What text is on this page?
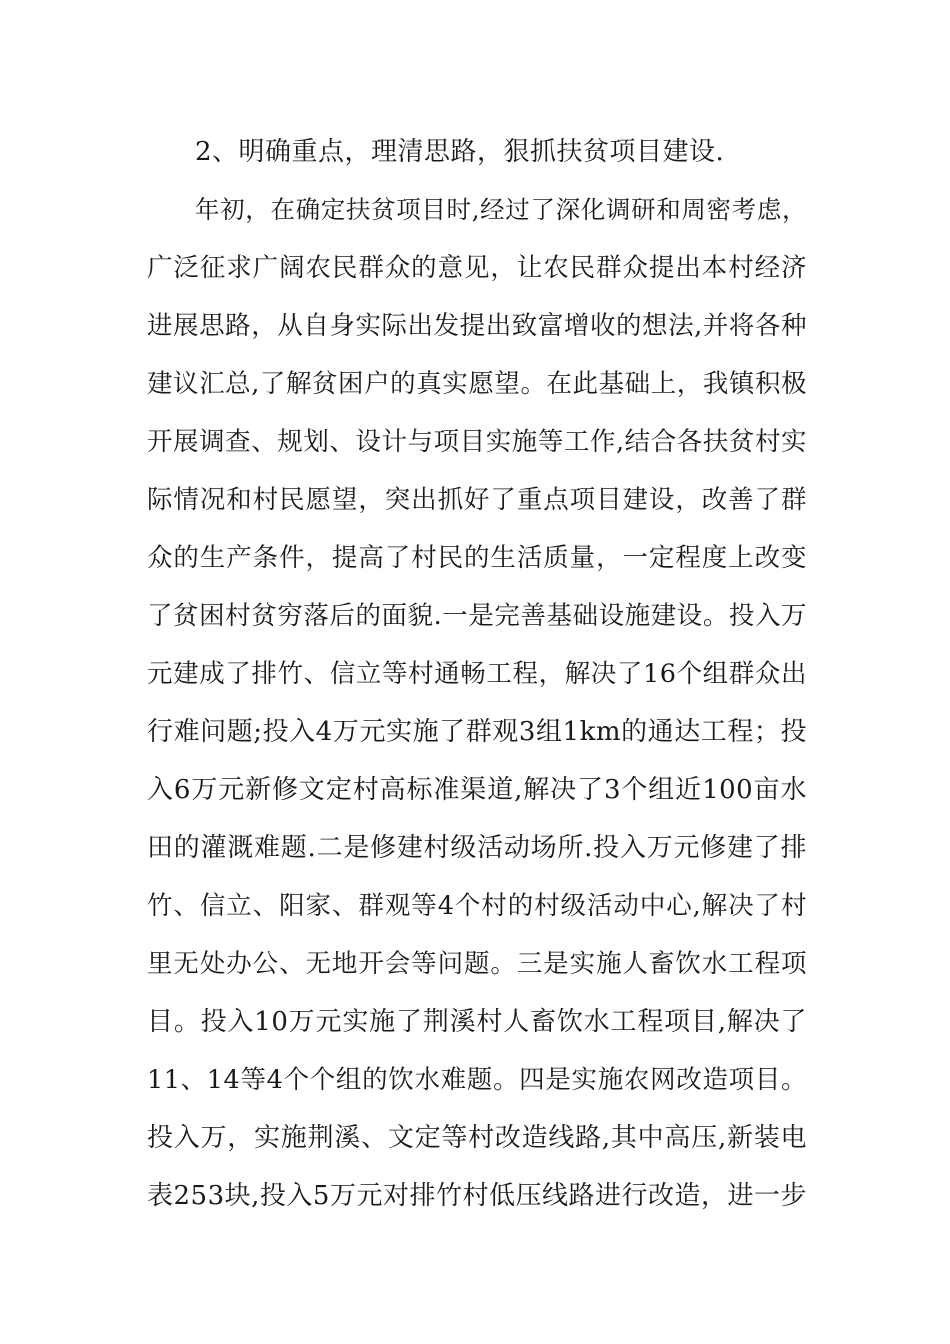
2、明确重点，理清思路，狠抓扶贫项目建设.
年初，在确定扶贫项目时,经过了深化调研和周密考虑，
广泛征求广阔农民群众的意见，让农民群众提出本村经济
进展思路，从自身实际出发提出致富增收的想法,并将各种
建议汇总,了解贫困户的真实愿望。在此基础上，我镇积极
开展调查、规划、设计与项目实施等工作,结合各扶贫村实
际情况和村民愿望，突出抓好了重点项目建设，改善了群
众的生产条件，提高了村民的生活质量，一定程度上改变
了贫困村贫穷落后的面貌.一是完善基础设施建设。投入万
元建成了排竹、信立等村通畅工程，解决了16个组群众出
行难问题;投入4万元实施了群观3组1km的通达工程；投
入6万元新修文定村高标准渠道,解决了3个组近100亩水
田的灌溉难题.二是修建村级活动场所.投入万元修建了排
竹、信立、阳家、群观等4个村的村级活动中心,解决了村
里无处办公、无地开会等问题。三是实施人畜饮水工程项
目。投入10万元实施了荆溪村人畜饮水工程项目,解决了
11、14等4个个组的饮水难题。四是实施农网改造项目。
投入万，实施荆溪、文定等村改造线路,其中高压,新装电
表253块,投入5万元对排竹村低压线路进行改造，进一步
